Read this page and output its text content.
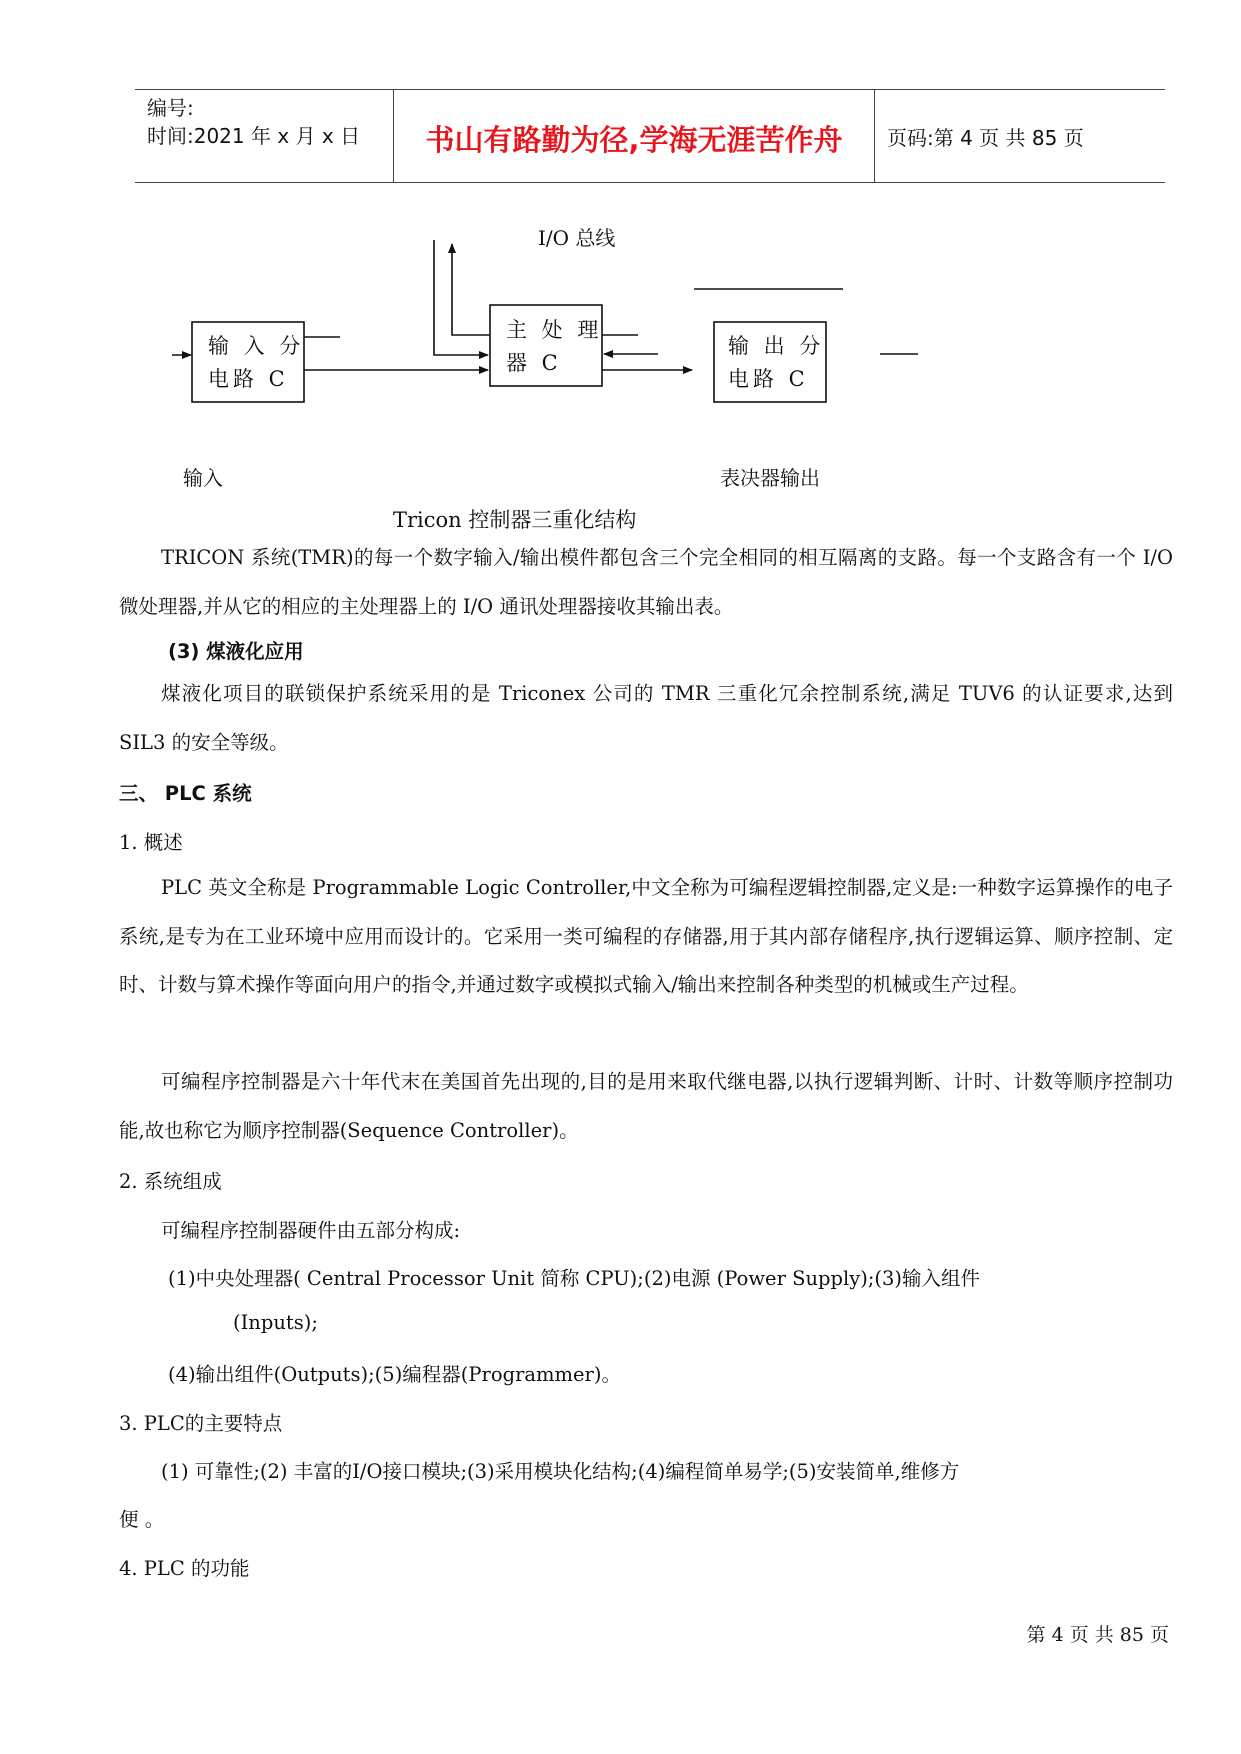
编号:
时间:2021 年 x 月 x 日	书山有路勤为径,学海无涯苦作舟	页码:第 4 页 共 85 页
I/O 总线
输 入 分
电路 C
主 处 理
器 C
输 出 分
电路 C
输入	表决器输出
Tricon 控制器三重化结构
TRICON 系统(TMR)的每一个数字输入/输出模件都包含三个完全相同的相互隔离的支路。每一个支路含有一个 I/O 微处理器,并从它的相应的主处理器上的 I/O 通讯处理器接收其输出表。
(3) 煤液化应用
煤液化项目的联锁保护系统采用的是 Triconex 公司的 TMR 三重化冗余控制系统,满足 TUV6 的认证要求,达到 SIL3 的安全等级。
三、 PLC 系统
1. 概述
PLC 英文全称是 Programmable Logic Controller,中文全称为可编程逻辑控制器,定义是:一种数字运算操作的电子系统,是专为在工业环境中应用而设计的。它采用一类可编程的存储器,用于其内部存储程序,执行逻辑运算、顺序控制、定时、计数与算术操作等面向用户的指令,并通过数字或模拟式输入/输出来控制各种类型的机械或生产过程。
可编程序控制器是六十年代末在美国首先出现的,目的是用来取代继电器,以执行逻辑判断、计时、计数等顺序控制功能,故也称它为顺序控制器(Sequence Controller)。
2. 系统组成
可编程序控制器硬件由五部分构成:
(1)中央处理器( Central Processor Unit 简称 CPU);(2)电源 (Power Supply);(3)输入组件
(Inputs);
(4)输出组件(Outputs);(5)编程器(Programmer)。
3. PLC的主要特点
(1) 可靠性;(2) 丰富的I/O接口模块;(3)采用模块化结构;(4)编程简单易学;(5)安装简单,维修方
便 。
4. PLC 的功能
第 4 页 共 85 页
